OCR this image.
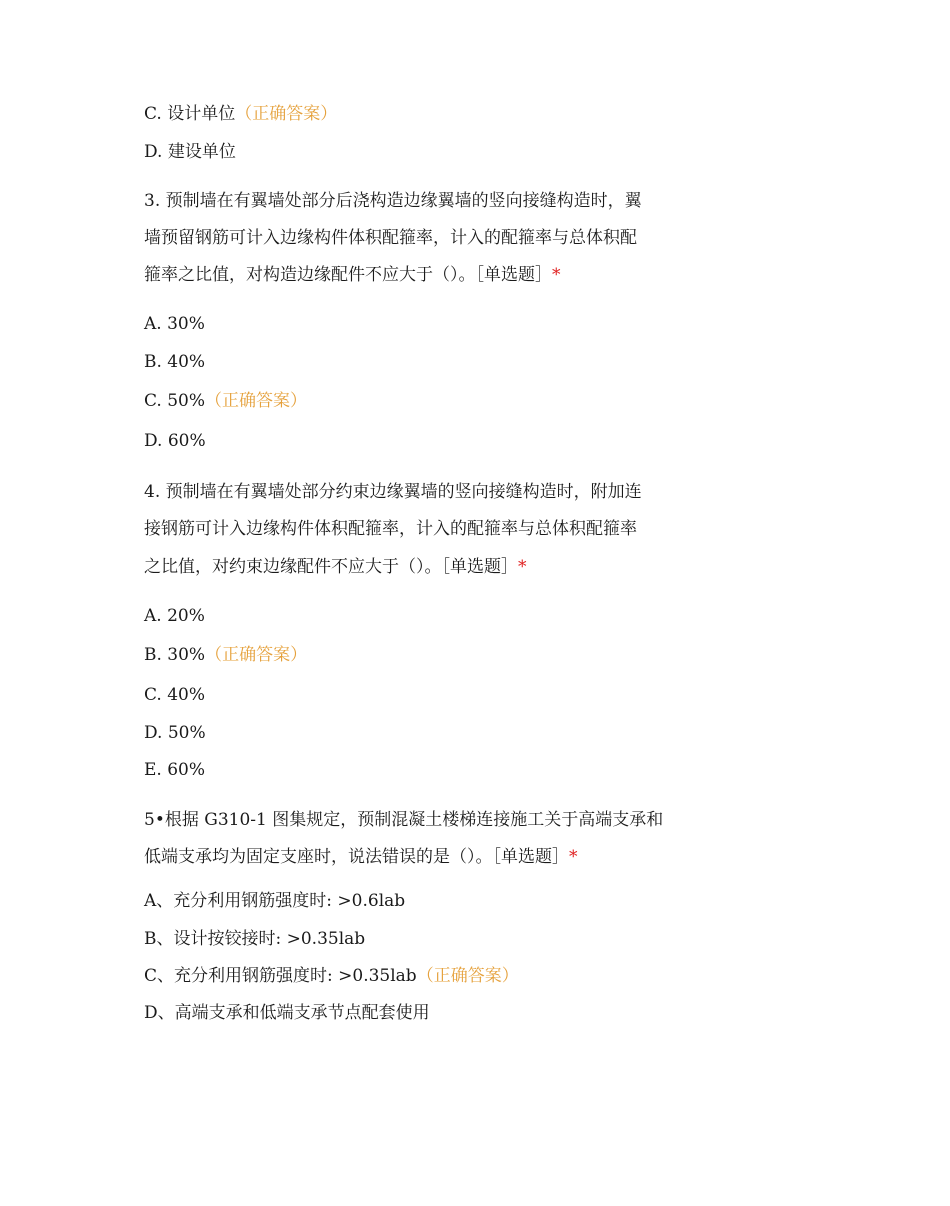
C. 设计单位（正确答案）
D. 建设单位
3. 预制墙在有翼墙处部分后浇构造边缘翼墙的竖向接缝构造时，翼
墙预留钢筋可计入边缘构件体积配箍率，计入的配箍率与总体积配
箍率之比值，对构造边缘配件不应大于（）。［单选题］*
A. 30%
B. 40%
C. 50%（正确答案）
D. 60%
4. 预制墙在有翼墙处部分约束边缘翼墙的竖向接缝构造时，附加连
接钢筋可计入边缘构件体积配箍率，计入的配箍率与总体积配箍率
之比值，对约束边缘配件不应大于（）。［单选题］*
A. 20%
B. 30%（正确答案）
C. 40%
D. 50%
E. 60%
5•根据 G310-1 图集规定，预制混凝土楼梯连接施工关于高端支承和
低端支承均为固定支座时，说法错误的是（）。［单选题］*
A、充分利用钢筋强度时: >0.6lab
B、设计按铰接时: >0.35lab
C、充分利用钢筋强度时: >0.35lab（正确答案）
D、高端支承和低端支承节点配套使用
